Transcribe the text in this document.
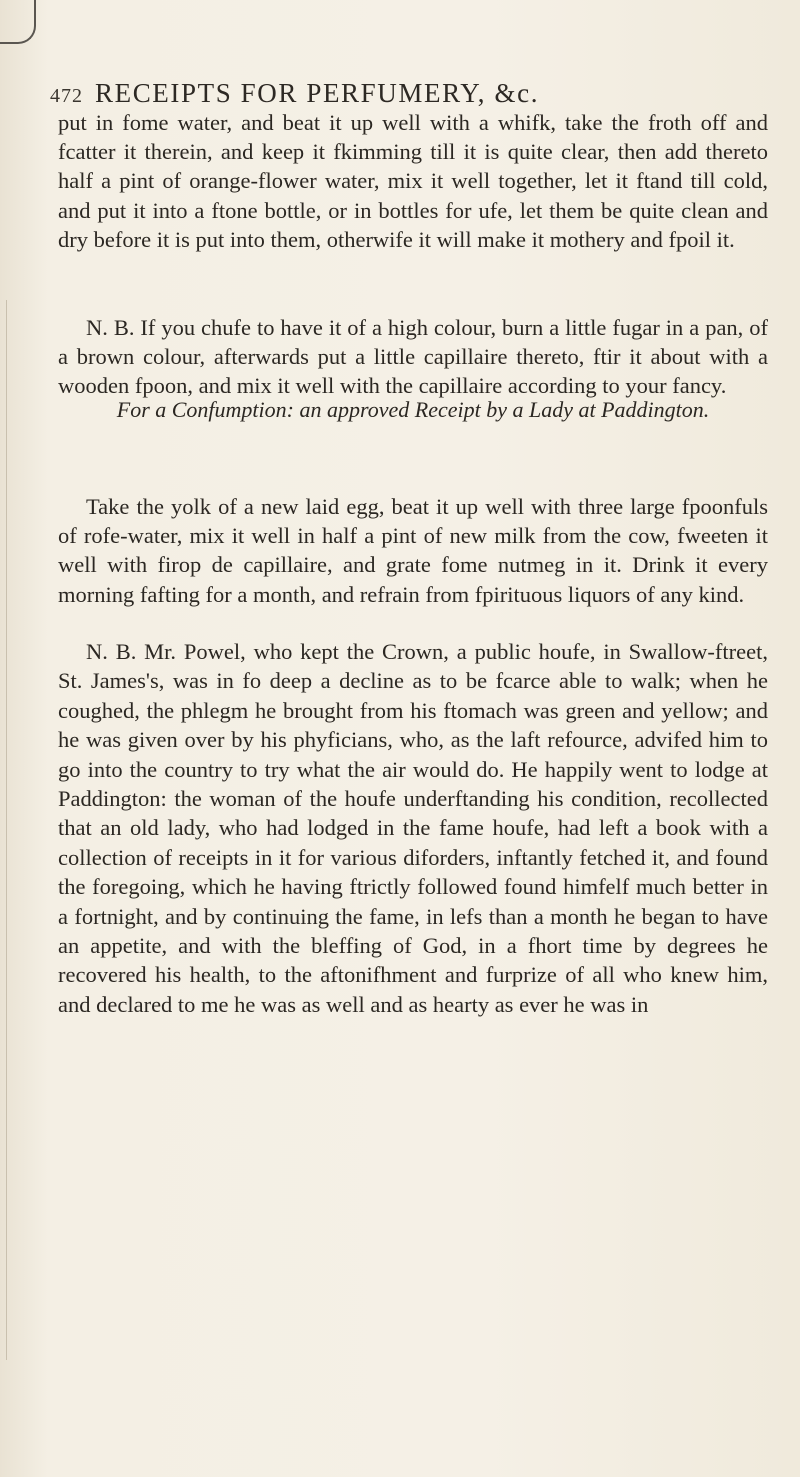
472 RECEIPTS FOR PERFUMERY, &c.

put in fome water, and beat it up well with a whifk, take the froth off and fcatter it therein, and keep it fkimming till it is quite clear, then add thereto half a pint of orange-flower water, mix it well together, let it ftand till cold, and put it into a ftone bottle, or in bottles for ufe, let them be quite clean and dry before it is put into them, otherwife it will make it mothery and fpoil it.

N. B. If you chufe to have it of a high colour, burn a little fugar in a pan, of a brown colour, afterwards put a little capillaire thereto, ftir it about with a wooden fpoon, and mix it well with the capillaire according to your fancy.

For a Confumption: an approved Receipt by a Lady at Paddington.

Take the yolk of a new laid egg, beat it up well with three large fpoonfuls of rofe-water, mix it well in half a pint of new milk from the cow, fweeten it well with firop de capillaire, and grate fome nutmeg in it. Drink it every morning fafting for a month, and refrain from fpirituous liquors of any kind.

N. B. Mr. Powel, who kept the Crown, a public houfe, in Swallow-ftreet, St. James's, was in fo deep a decline as to be fcarce able to walk; when he coughed, the phlegm he brought from his ftomach was green and yellow; and he was given over by his phyficians, who, as the laft refource, advifed him to go into the country to try what the air would do. He happily went to lodge at Paddington: the woman of the houfe underftanding his condition, recollected that an old lady, who had lodged in the fame houfe, had left a book with a collection of receipts in it for various diforders, inftantly fetched it, and found the foregoing, which he having ftrictly followed found himfelf much better in a fortnight, and by continuing the fame, in lefs than a month he began to have an appetite, and with the bleffing of God, in a fhort time by degrees he recovered his health, to the aftonifhment and furprize of all who knew him, and declared to me he was as well and as hearty as ever he was in
